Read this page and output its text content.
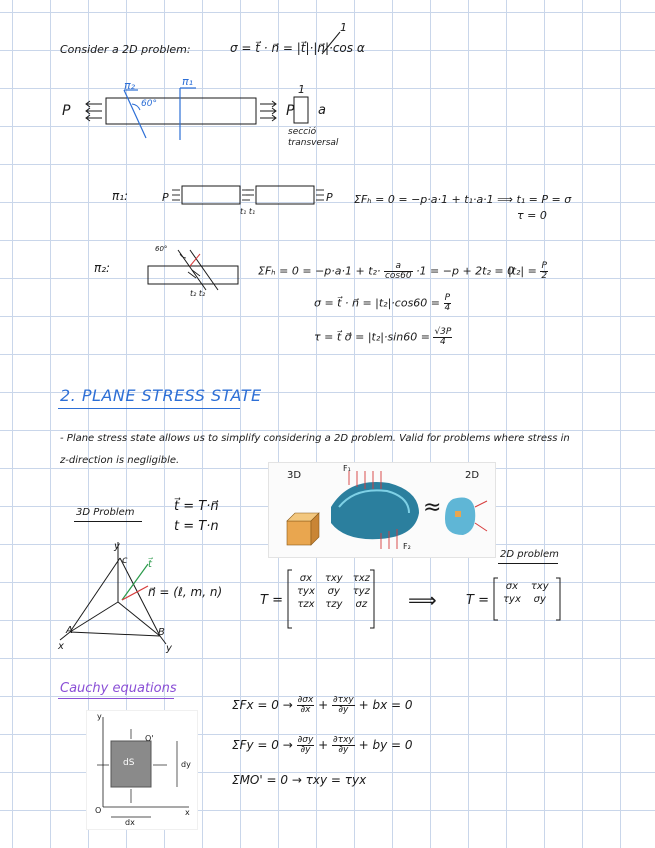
Consider a 2D problem:	σ = t⃗ · n⃗ = |t⃗|·|n⃗|·cos α
1
P
π₂	π₁
60°	P
1
a
secció
transversal
π₁:	P	P
t₁ t₁
ΣFₕ = 0 = −p·a·1 + t₁·a·1 ⟹ t₁ = P = σ
τ = 0
π₂:
60°
t₂ t₂
$\Sigma F_h = 0 = -p\cdot a\cdot 1 + t_2\cdot \frac{a}{\cos 60} \cdot 1 = -p + 2t_2 = 0$
$|t_2| = \frac{P}{2}$
σ = t⃗ · n⃗ = $|t_2|\cdot\cos 60 = \frac{P}{4}$
τ = t⃗ σ⃗ = $|t_2|\cdot\sin 60 = \frac{√3P}{4}$
2. PLANE STRESS STATE
- Plane stress state allows us to simplify considering a 2D problem. Valid for problems where stress in
z-direction is negligible.
3D	2D
F₁
F₂
≈
3D Problem	t⃗ = T·n⃗
t = T·n
y
c t⃗
n⃗ = (ℓ, m, n)
A	B
x	y
T =
σx	τxy	τxz
τyx	σy	τyz
τzx	τzy	σz ⟹
2D problem
T =
σx	τxy
τyx	σy
Cauchy equations
dS	dy
dx
O
O'
x
y
$\Sigma Fx = 0 \to \frac{\partial\sigma x}{\partial x} + \frac{\text{∂τxy}}{\partial y}$ + bx = 0
$\Sigma Fy = 0 \to \frac{\partial\sigma y}{\partial y} + \frac{\text{∂τxy}}{\partial y}$ + by = 0
ΣMO' = 0 → τxy = τyx
